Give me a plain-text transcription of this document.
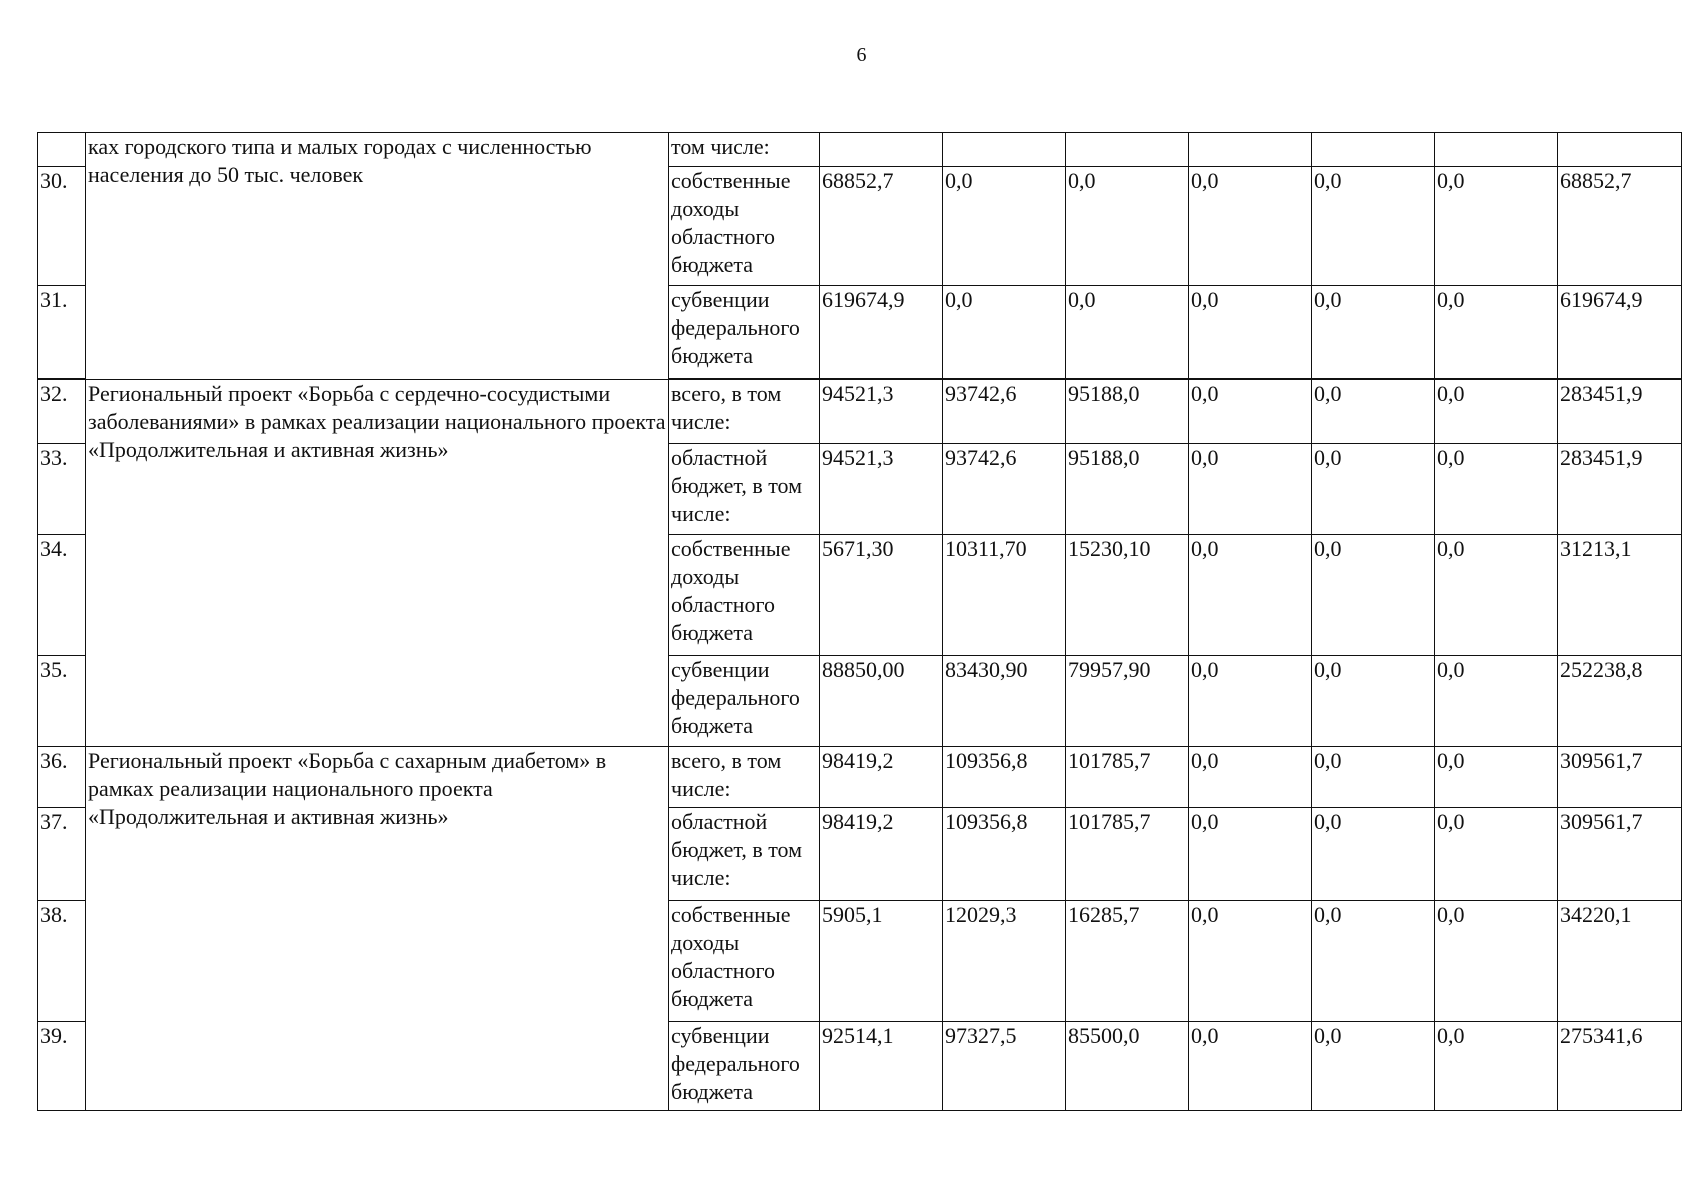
6
	ках городского типа и малых городах с численностью населения до 50 тыс. человек	том числе:							
30.		собственные доходы областного бюджета	68852,7	0,0	0,0	0,0	0,0	0,0	68852,7
31.		субвенции федерального бюджета	619674,9	0,0	0,0	0,0	0,0	0,0	619674,9

32.	Региональный проект «Борьба с сердечно-сосудистыми заболеваниями» в рамках реализации национального проекта «Продолжительная и активная жизнь»	всего, в том числе:	94521,3	93742,6	95188,0	0,0	0,0	0,0	283451,9
33.		областной бюджет, в том числе:	94521,3	93742,6	95188,0	0,0	0,0	0,0	283451,9
34.		собственные доходы областного бюджета	5671,30	10311,70	15230,10	0,0	0,0	0,0	31213,1
35.		субвенции федерального бюджета	88850,00	83430,90	79957,90	0,0	0,0	0,0	252238,8
36.	Региональный проект «Борьба с сахарным диабетом» в рамках реализации национального проекта «Продолжительная и активная жизнь»	всего, в том числе:	98419,2	109356,8	101785,7	0,0	0,0	0,0	309561,7
37.		областной бюджет, в том числе:	98419,2	109356,8	101785,7	0,0	0,0	0,0	309561,7
38.		собственные доходы областного бюджета	5905,1	12029,3	16285,7	0,0	0,0	0,0	34220,1
39.		субвенции федерального бюджета	92514,1	97327,5	85500,0	0,0	0,0	0,0	275341,6
